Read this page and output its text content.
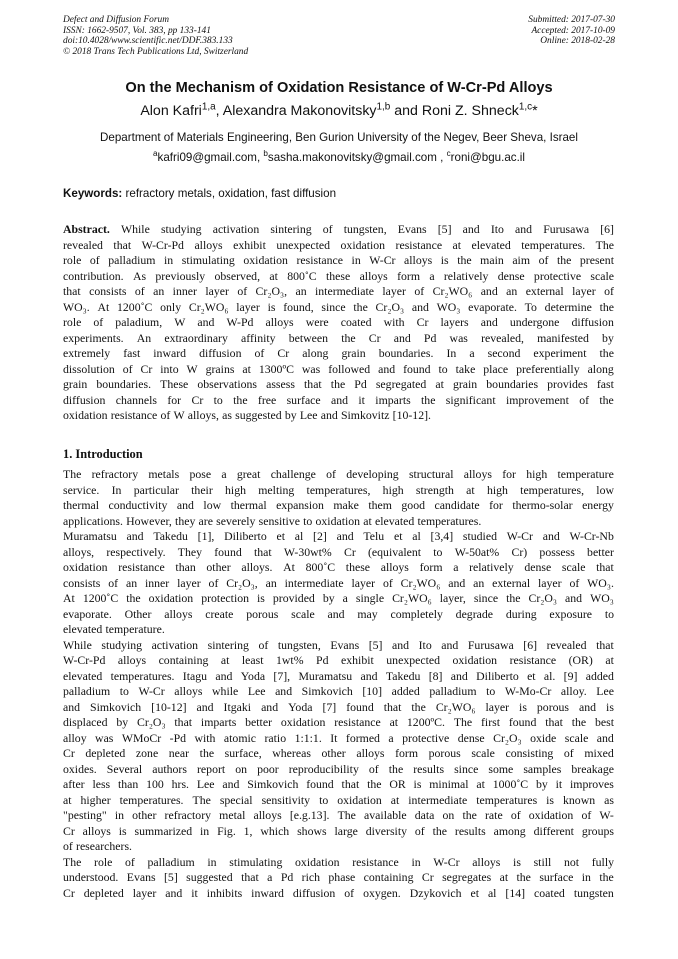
Defect and Diffusion Forum
ISSN: 1662-9507, Vol. 383, pp 133-141
doi:10.4028/www.scientific.net/DDF.383.133
© 2018 Trans Tech Publications Ltd, Switzerland
Submitted: 2017-07-30
Accepted: 2017-10-09
Online: 2018-02-28
On the Mechanism of Oxidation Resistance of W-Cr-Pd Alloys
Alon Kafri$^{1,a}$, Alexandra Makonovitsky$^{1,b}$ and Roni Z. Shneck$^{1,c}$*
Department of Materials Engineering, Ben Gurion University of the Negev, Beer Sheva, Israel
$^a$kafri09@gmail.com, $^b$sasha.makonovitsky@gmail.com , $^c$roni@bgu.ac.il
Keywords: refractory metals, oxidation, fast diffusion
Abstract. While studying activation sintering of tungsten, Evans [5] and Ito and Furusawa [6]
revealed that W-Cr-Pd alloys exhibit unexpected oxidation resistance at elevated temperatures. The
role of palladium in stimulating oxidation resistance in W-Cr alloys is the main aim of the present
contribution. As previously observed, at 800˚C these alloys form a relatively dense protective scale
that consists of an inner layer of Cr₂O₃, an intermediate layer of Cr₂WO₆ and an external layer of
WO₃. At 1200˚C only Cr₂WO₆ layer is found, since the Cr₂O₃ and WO₃ evaporate. To determine the
role of paladium, W and W-Pd alloys were coated with Cr layers and undergone diffusion
experiments. An extraordinary affinity between the Cr and Pd was revealed, manifested by
extremely fast inward diffusion of Cr along grain boundaries. In a second experiment the
dissolution of Cr into W grains at 1300ºC was followed and found to take place preferentially along
grain boundaries. These observations assess that the Pd segregated at grain boundaries provides fast
diffusion channels for Cr to the free surface and it imparts the significant improvement of the
oxidation resistance of W alloys, as suggested by Lee and Simkovitz [10-12].
1. Introduction
The refractory metals pose a great challenge of developing structural alloys for high temperature
service. In particular their high melting temperatures, high strength at high temperatures, low
thermal conductivity and low thermal expansion make them good candidate for thermo-solar energy
applications. However, they are severely sensitive to oxidation at elevated temperatures.
Muramatsu and Takedu [1], Diliberto et al [2] and Telu et al [3,4] studied W-Cr and W-Cr-Nb
alloys, respectively. They found that W-30wt% Cr (equivalent to W-50at% Cr) possess better
oxidation resistance than other alloys. At 800˚C these alloys form a relatively dense scale that
consists of an inner layer of Cr₂O₃, an intermediate layer of Cr₂WO₆ and an external layer of WO₃.
At 1200˚C the oxidation protection is provided by a single Cr₂WO₆ layer, since the Cr₂O₃ and WO₃
evaporate. Other alloys create porous scale and may completely degrade during exposure to
elevated temperature.
While studying activation sintering of tungsten, Evans [5] and Ito and Furusawa [6] revealed that
W-Cr-Pd alloys containing at least 1wt% Pd exhibit unexpected oxidation resistance (OR) at
elevated temperatures. Itagu and Yoda [7], Muramatsu and Takedu [8] and Diliberto et al. [9] added
palladium to W-Cr alloys while Lee and Simkovich [10] added palladium to W-Mo-Cr alloy. Lee
and Simkovich [10-12] and Itgaki and Yoda [7] found that the Cr₂WO₆ layer is porous and is
displaced by Cr₂O₃ that imparts better oxidation resistance at 1200ºC. The first found that the best
alloy was WMoCr -Pd with atomic ratio 1:1:1. It formed a protective dense Cr₂O₃ oxide scale and
Cr depleted zone near the surface, whereas other alloys form porous scale consisting of mixed
oxides. Several authors report on poor reproducibility of the results since some samples breakage
after less than 100 hrs. Lee and Simkovich found that the OR is minimal at 1000˚C by it improves
at higher temperatures. The special sensitivity to oxidation at intermediate temperatures is known as
"pesting" in other refractory metal alloys [e.g.13]. The available data on the rate of oxidation of W-
Cr alloys is summarized in Fig. 1, which shows large diversity of the results among different groups
of researchers.
The role of palladium in stimulating oxidation resistance in W-Cr alloys is still not fully
understood. Evans [5] suggested that a Pd rich phase containing Cr segregates at the surface in the
Cr depleted layer and it inhibits inward diffusion of oxygen. Dzykovich et al [14] coated tungsten
